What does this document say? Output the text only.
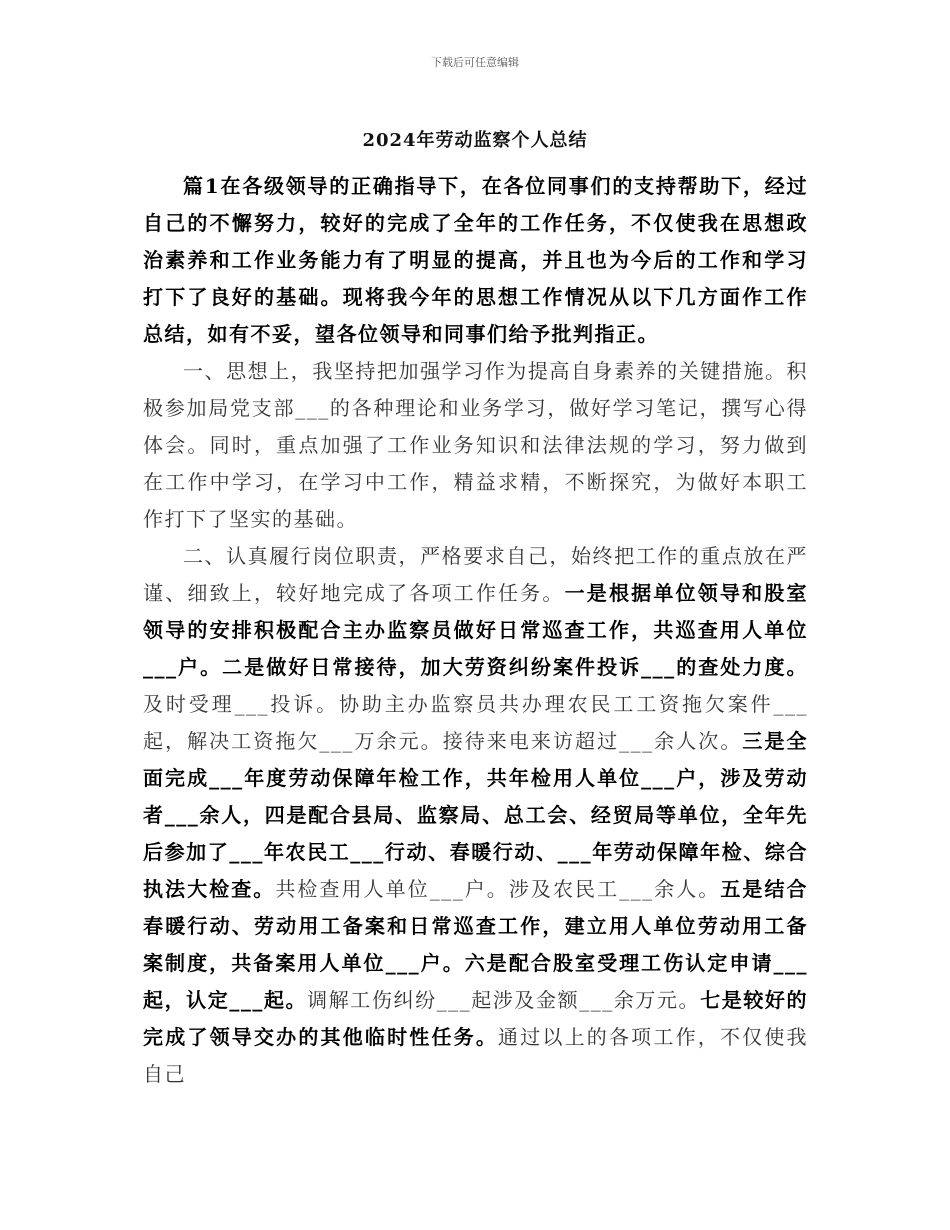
下载后可任意编辑
2024年劳动监察个人总结

篇1在各级领导的正确指导下，在各位同事们的支持帮助下，经过自己的不懈努力，较好的完成了全年的工作任务，不仅使我在思想政治素养和工作业务能力有了明显的提高，并且也为今后的工作和学习打下了良好的基础。现将我今年的思想工作情况从以下几方面作工作总结，如有不妥，望各位领导和同事们给予批判指正。

一、思想上，我坚持把加强学习作为提高自身素养的关键措施。积极参加局党支部___的各种理论和业务学习，做好学习笔记，撰写心得体会。同时，重点加强了工作业务知识和法律法规的学习，努力做到在工作中学习，在学习中工作，精益求精，不断探究，为做好本职工作打下了坚实的基础。

二、认真履行岗位职责，严格要求自己，始终把工作的重点放在严谨、细致上，较好地完成了各项工作任务。一是根据单位领导和股室领导的安排积极配合主办监察员做好日常巡查工作，共巡查用人单位___户。二是做好日常接待，加大劳资纠纷案件投诉___的查处力度。及时受理___投诉。协助主办监察员共办理农民工工资拖欠案件___起，解决工资拖欠___万余元。接待来电来访超过___余人次。三是全面完成___年度劳动保障年检工作，共年检用人单位___户，涉及劳动者___余人，四是配合县局、监察局、总工会、经贸局等单位，全年先后参加了___年农民工___行动、春暖行动、___年劳动保障年检、综合执法大检查。共检查用人单位___户。涉及农民工___余人。五是结合春暖行动、劳动用工备案和日常巡查工作，建立用人单位劳动用工备案制度，共备案用人单位___户。六是配合股室受理工伤认定申请___起，认定___起。调解工伤纠纷___起涉及金额___余万元。七是较好的完成了领导交办的其他临时性任务。通过以上的各项工作，不仅使我自己
